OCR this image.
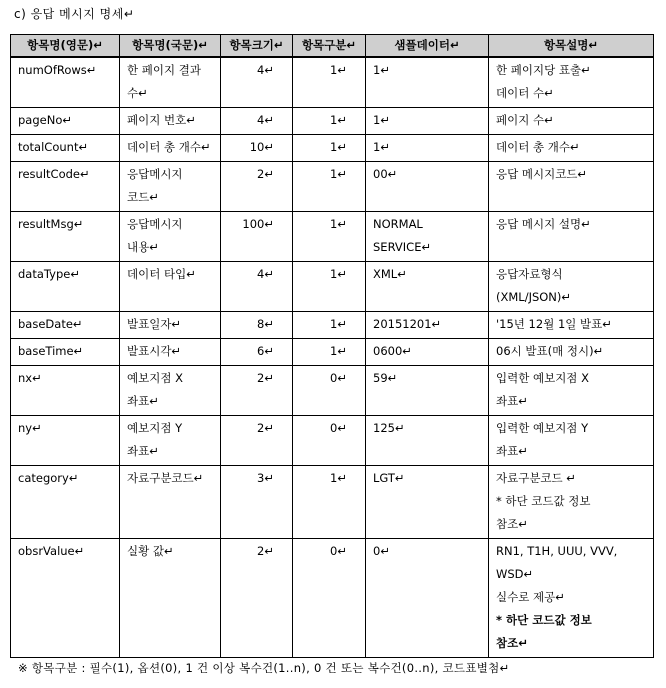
c) 응답 메시지 명세↵
항목명(영문)↵	항목명(국문)↵	항목크기↵	항목구분↵	샘플데이터↵	항목설명↵
numOfRows↵	한 페이지 결과
수↵	4↵	1↵	1↵	한 페이지당 표출↵
데이터 수↵

pageNo↵	페이지 번호↵	4↵	1↵	1↵	페이지 수↵

totalCount↵	데이터 총 개수↵	10↵	1↵	1↵	데이터 총 개수↵

resultCode↵	응답메시지
코드↵	2↵	1↵	00↵	응답 메시지코드↵

resultMsg↵	응답메시지
내용↵	100↵	1↵	NORMAL
SERVICE↵	응답 메시지 설명↵

dataType↵	데이터 타입↵	4↵	1↵	XML↵	응답자료형식
(XML/JSON)↵

baseDate↵	발표일자↵	8↵	1↵	20151201↵	'15년 12월 1일 발표↵

baseTime↵	발표시각↵	6↵	1↵	0600↵	06시 발표(매 정시)↵

nx↵	예보지점 X
좌표↵	2↵	0↵	59↵	입력한 예보지점 X
좌표↵

ny↵	예보지점 Y
좌표↵	2↵	0↵	125↵	입력한 예보지점 Y
좌표↵

category↵	자료구분코드↵	3↵	1↵	LGT↵	자료구분코드 ↵
* 하단 코드값 정보
참조↵

obsrValue↵	실황 값↵	2↵	0↵	0↵	RN1, T1H, UUU, VVV,
WSD↵
실수로 제공↵
* 하단 코드값 정보
참조↵
※ 항목구분 : 필수(1), 옵션(0), 1 건 이상 복수건(1..n), 0 건 또는 복수건(0..n), 코드표별첨↵
